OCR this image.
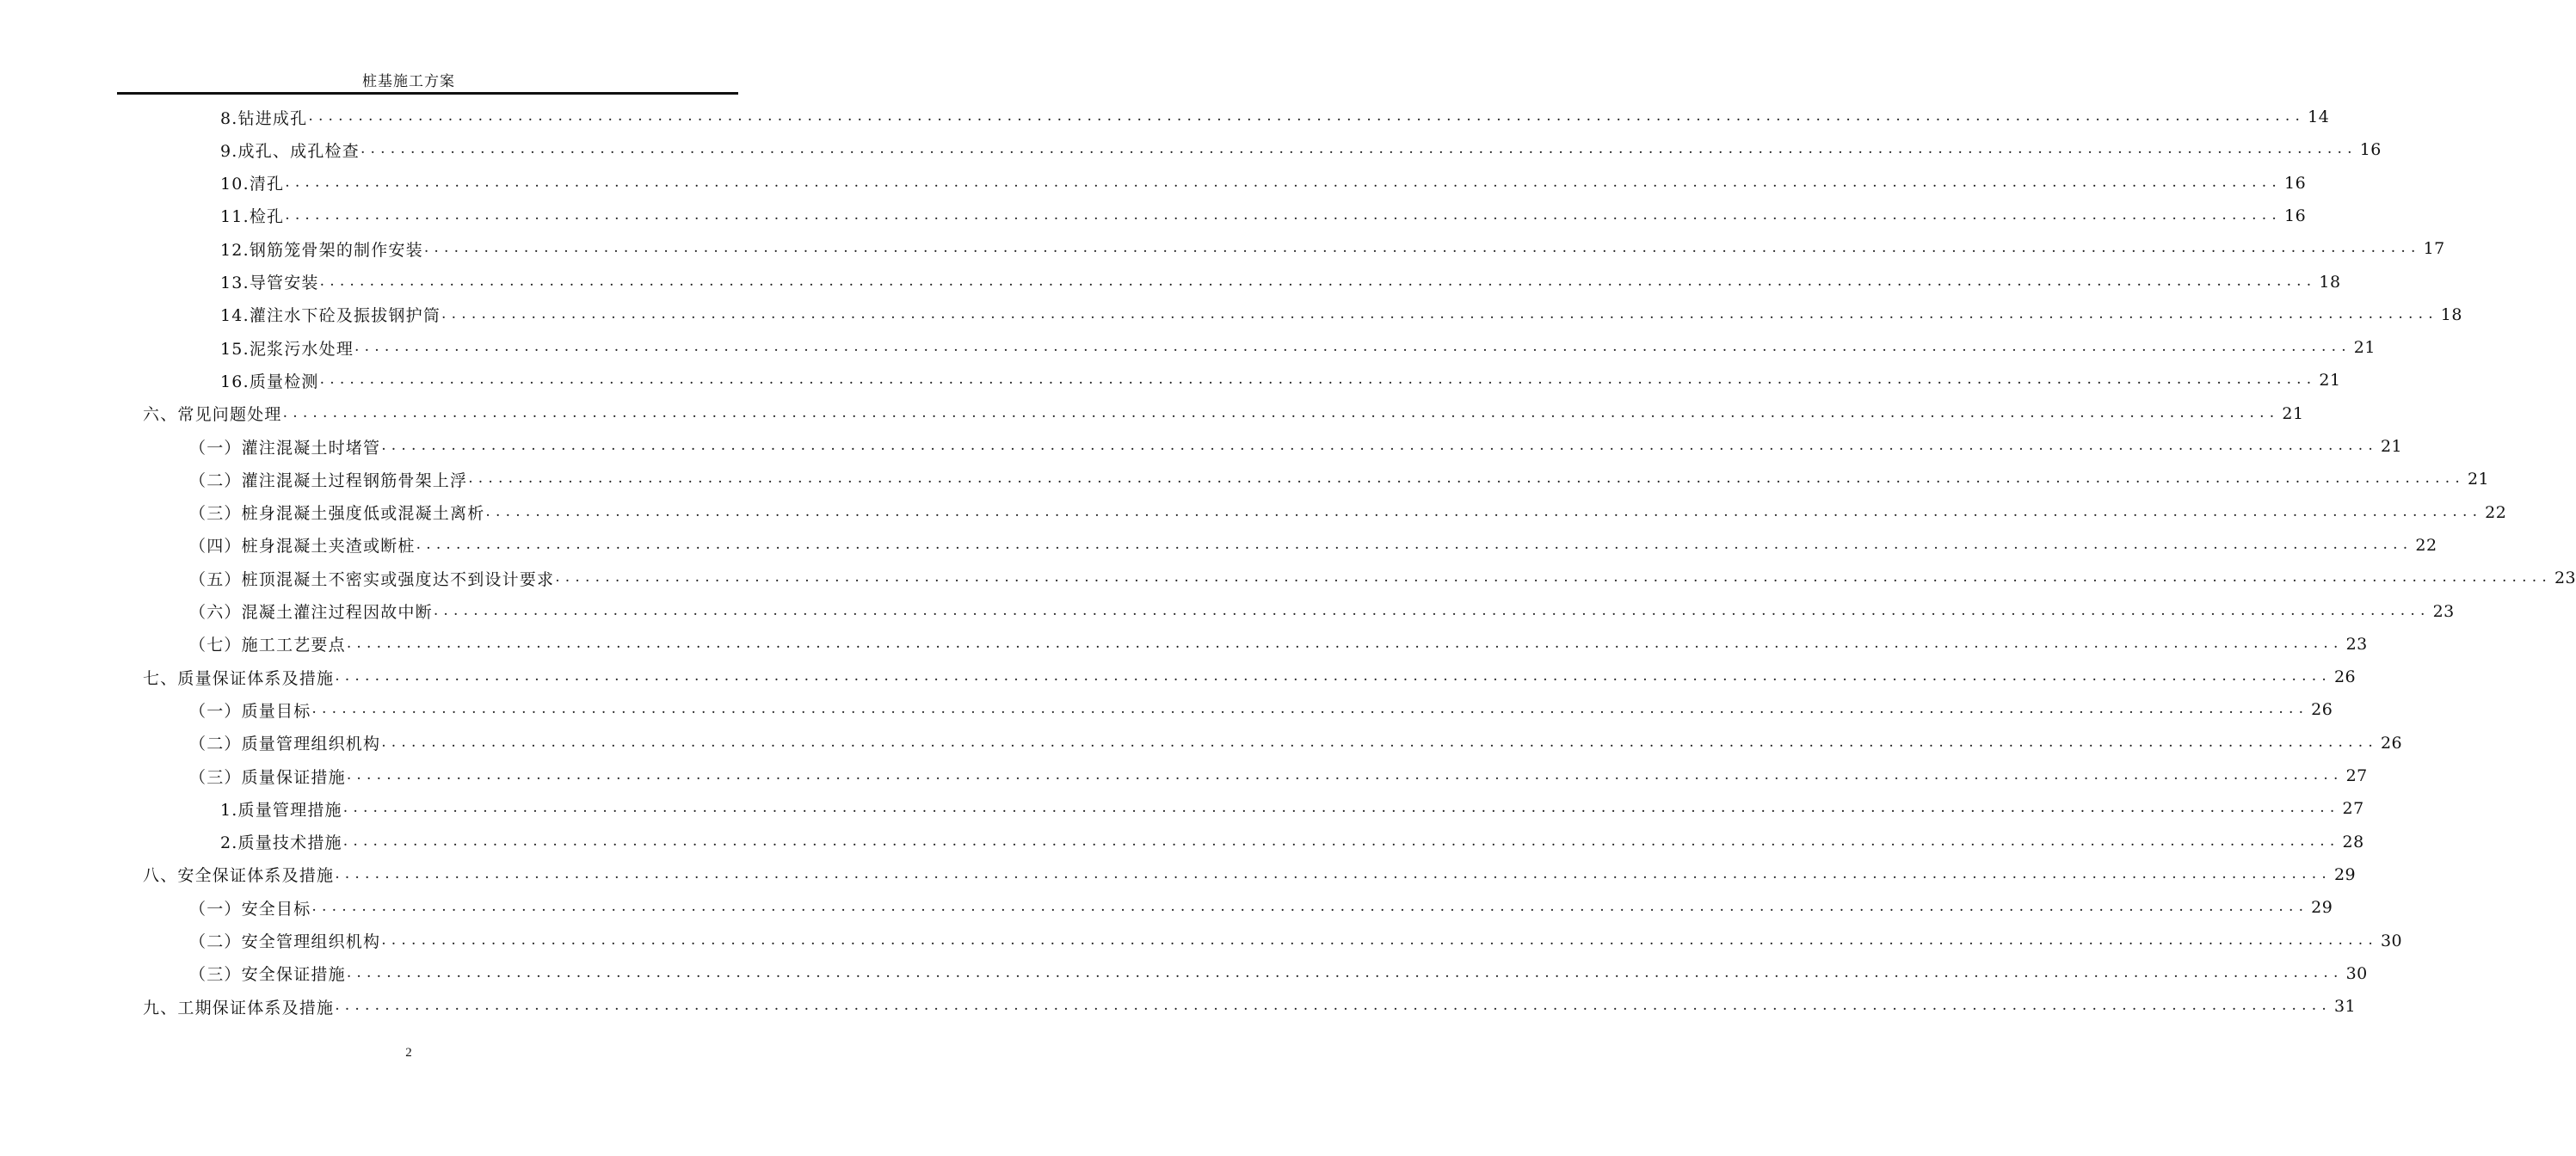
桩基施工方案
8.钻进成孔 ........................................................................................................................................................................................................ 14
9.成孔、成孔检查 ........................................................................................................................................................................................................ 16
10.清孔 ........................................................................................................................................................................................................ 16
11.检孔 ........................................................................................................................................................................................................ 16
12.钢筋笼骨架的制作安装 ........................................................................................................................................................................................................ 17
13.导管安装 ........................................................................................................................................................................................................ 18
14.灌注水下砼及振拔钢护筒 ........................................................................................................................................................................................................ 18
15.泥浆污水处理 ........................................................................................................................................................................................................ 21
16.质量检测 ........................................................................................................................................................................................................ 21
六、常见问题处理 ........................................................................................................................................................................................................ 21
（一）灌注混凝土时堵管 ........................................................................................................................................................................................................ 21
（二）灌注混凝土过程钢筋骨架上浮 ........................................................................................................................................................................................................ 21
（三）桩身混凝土强度低或混凝土离析 ........................................................................................................................................................................................................ 22
（四）桩身混凝土夹渣或断桩 ........................................................................................................................................................................................................ 22
（五）桩顶混凝土不密实或强度达不到设计要求 ........................................................................................................................................................................................................ 23
（六）混凝土灌注过程因故中断 ........................................................................................................................................................................................................ 23
（七）施工工艺要点 ........................................................................................................................................................................................................ 23
七、质量保证体系及措施 ........................................................................................................................................................................................................ 26
（一）质量目标 ........................................................................................................................................................................................................ 26
（二）质量管理组织机构 ........................................................................................................................................................................................................ 26
（三）质量保证措施 ........................................................................................................................................................................................................ 27
1.质量管理措施 ........................................................................................................................................................................................................ 27
2.质量技术措施 ........................................................................................................................................................................................................ 28
八、安全保证体系及措施 ........................................................................................................................................................................................................ 29
（一）安全目标 ........................................................................................................................................................................................................ 29
（二）安全管理组织机构 ........................................................................................................................................................................................................ 30
（三）安全保证措施 ........................................................................................................................................................................................................ 30
九、工期保证体系及措施 ........................................................................................................................................................................................................ 31
2
